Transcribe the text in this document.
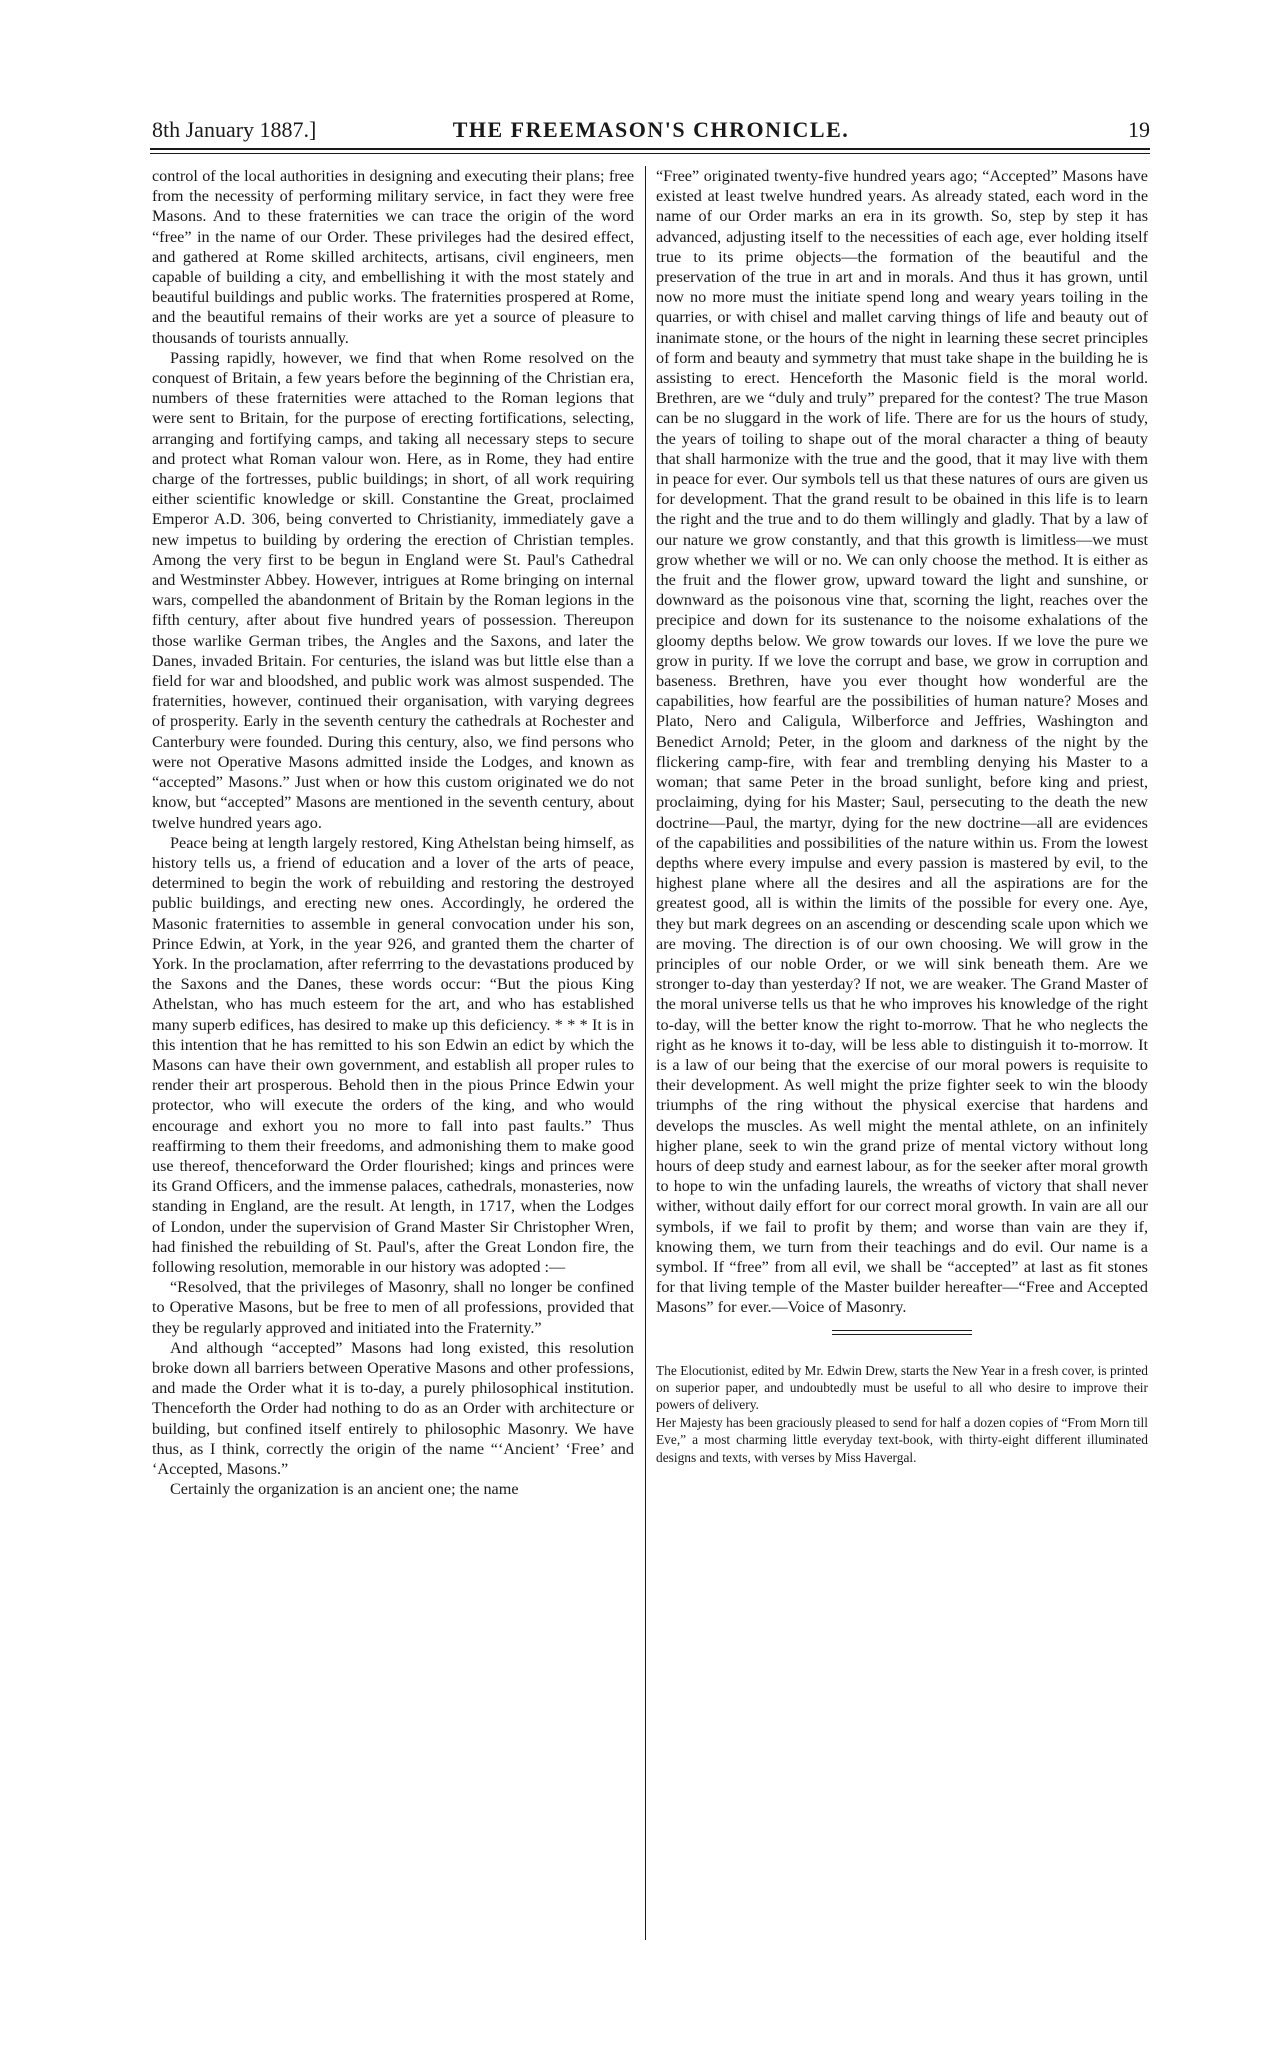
8th January 1887.]	THE FREEMASON'S CHRONICLE.	19

control of the local authorities in designing and executing their plans; free from the necessity of performing military service, in fact they were free Masons. And to these fraternities we can trace the origin of the word “free” in the name of our Order. These privileges had the desired effect, and gathered at Rome skilled architects, artisans, civil engineers, men capable of building a city, and embellishing it with the most stately and beautiful buildings and public works. The fraternities prospered at Rome, and the beautiful remains of their works are yet a source of pleasure to thousands of tourists annually.

Passing rapidly, however, we find that when Rome resolved on the conquest of Britain, a few years before the beginning of the Christian era, numbers of these fraternities were attached to the Roman legions that were sent to Britain, for the purpose of erecting fortifications, selecting, arranging and fortifying camps, and taking all necessary steps to secure and protect what Roman valour won. Here, as in Rome, they had entire charge of the fortresses, public buildings; in short, of all work requiring either scientific knowledge or skill. Constantine the Great, proclaimed Emperor A.D. 306, being converted to Christianity, immediately gave a new impetus to building by ordering the erection of Christian temples. Among the very first to be begun in England were St. Paul's Cathedral and Westminster Abbey. However, intrigues at Rome bringing on internal wars, compelled the abandonment of Britain by the Roman legions in the fifth century, after about five hundred years of possession. Thereupon those warlike German tribes, the Angles and the Saxons, and later the Danes, invaded Britain. For centuries, the island was but little else than a field for war and bloodshed, and public work was almost suspended. The fraternities, however, continued their organisation, with varying degrees of prosperity. Early in the seventh century the cathedrals at Rochester and Canterbury were founded. During this century, also, we find persons who were not Operative Masons admitted inside the Lodges, and known as “accepted” Masons.” Just when or how this custom originated we do not know, but “accepted” Masons are mentioned in the seventh century, about twelve hundred years ago.

Peace being at length largely restored, King Athelstan being himself, as history tells us, a friend of education and a lover of the arts of peace, determined to begin the work of rebuilding and restoring the destroyed public buildings, and erecting new ones. Accordingly, he ordered the Masonic fraternities to assemble in general convocation under his son, Prince Edwin, at York, in the year 926, and granted them the charter of York. In the proclamation, after referrring to the devastations produced by the Saxons and the Danes, these words occur: “But the pious King Athelstan, who has much esteem for the art, and who has established many superb edifices, has desired to make up this deficiency. * * * It is in this intention that he has remitted to his son Edwin an edict by which the Masons can have their own government, and establish all proper rules to render their art prosperous. Behold then in the pious Prince Edwin your protector, who will execute the orders of the king, and who would encourage and exhort you no more to fall into past faults.” Thus reaffirming to them their freedoms, and admonishing them to make good use thereof, thenceforward the Order flourished; kings and princes were its Grand Officers, and the immense palaces, cathedrals, monasteries, now standing in England, are the result. At length, in 1717, when the Lodges of London, under the supervision of Grand Master Sir Christopher Wren, had finished the rebuilding of St. Paul's, after the Great London fire, the following resolution, memorable in our history was adopted :—

“Resolved, that the privileges of Masonry, shall no longer be confined to Operative Masons, but be free to men of all professions, provided that they be regularly approved and initiated into the Fraternity.”

And although “accepted” Masons had long existed, this resolution broke down all barriers between Operative Masons and other professions, and made the Order what it is to-day, a purely philosophical institution. Thenceforth the Order had nothing to do as an Order with architecture or building, but confined itself entirely to philosophic Masonry. We have thus, as I think, correctly the origin of the name “‘Ancient’ ‘Free’ and ‘Accepted, Masons.”

Certainly the organization is an ancient one; the name

“Free” originated twenty-five hundred years ago; “Accepted” Masons have existed at least twelve hundred years. As already stated, each word in the name of our Order marks an era in its growth. So, step by step it has advanced, adjusting itself to the necessities of each age, ever holding itself true to its prime objects—the formation of the beautiful and the preservation of the true in art and in morals. And thus it has grown, until now no more must the initiate spend long and weary years toiling in the quarries, or with chisel and mallet carving things of life and beauty out of inanimate stone, or the hours of the night in learning these secret principles of form and beauty and symmetry that must take shape in the building he is assisting to erect. Henceforth the Masonic field is the moral world. Brethren, are we “duly and truly” prepared for the contest? The true Mason can be no sluggard in the work of life. There are for us the hours of study, the years of toiling to shape out of the moral character a thing of beauty that shall harmonize with the true and the good, that it may live with them in peace for ever. Our symbols tell us that these natures of ours are given us for development. That the grand result to be obained in this life is to learn the right and the true and to do them willingly and gladly. That by a law of our nature we grow constantly, and that this growth is limitless—we must grow whether we will or no. We can only choose the method. It is either as the fruit and the flower grow, upward toward the light and sunshine, or downward as the poisonous vine that, scorning the light, reaches over the precipice and down for its sustenance to the noisome exhalations of the gloomy depths below. We grow towards our loves. If we love the pure we grow in purity. If we love the corrupt and base, we grow in corruption and baseness. Brethren, have you ever thought how wonderful are the capabilities, how fearful are the possibilities of human nature? Moses and Plato, Nero and Caligula, Wilberforce and Jeffries, Washington and Benedict Arnold; Peter, in the gloom and darkness of the night by the flickering camp-fire, with fear and trembling denying his Master to a woman; that same Peter in the broad sunlight, before king and priest, proclaiming, dying for his Master; Saul, persecuting to the death the new doctrine—Paul, the martyr, dying for the new doctrine—all are evidences of the capabilities and possibilities of the nature within us. From the lowest depths where every impulse and every passion is mastered by evil, to the highest plane where all the desires and all the aspirations are for the greatest good, all is within the limits of the possible for every one. Aye, they but mark degrees on an ascending or descending scale upon which we are moving. The direction is of our own choosing. We will grow in the principles of our noble Order, or we will sink beneath them. Are we stronger to-day than yesterday? If not, we are weaker. The Grand Master of the moral universe tells us that he who improves his knowledge of the right to-day, will the better know the right to-morrow. That he who neglects the right as he knows it to-day, will be less able to distinguish it to-morrow. It is a law of our being that the exercise of our moral powers is requisite to their development. As well might the prize fighter seek to win the bloody triumphs of the ring without the physical exercise that hardens and develops the muscles. As well might the mental athlete, on an infinitely higher plane, seek to win the grand prize of mental victory without long hours of deep study and earnest labour, as for the seeker after moral growth to hope to win the unfading laurels, the wreaths of victory that shall never wither, without daily effort for our correct moral growth. In vain are all our symbols, if we fail to profit by them; and worse than vain are they if, knowing them, we turn from their teachings and do evil. Our name is a symbol. If “free” from all evil, we shall be “accepted” at last as fit stones for that living temple of the Master builder hereafter—“Free and Accepted Masons” for ever.—Voice of Masonry.

The Elocutionist, edited by Mr. Edwin Drew, starts the New Year in a fresh cover, is printed on superior paper, and undoubtedly must be useful to all who desire to improve their powers of delivery.

Her Majesty has been graciously pleased to send for half a dozen copies of “From Morn till Eve,” a most charming little everyday text-book, with thirty-eight different illuminated designs and texts, with verses by Miss Havergal.
